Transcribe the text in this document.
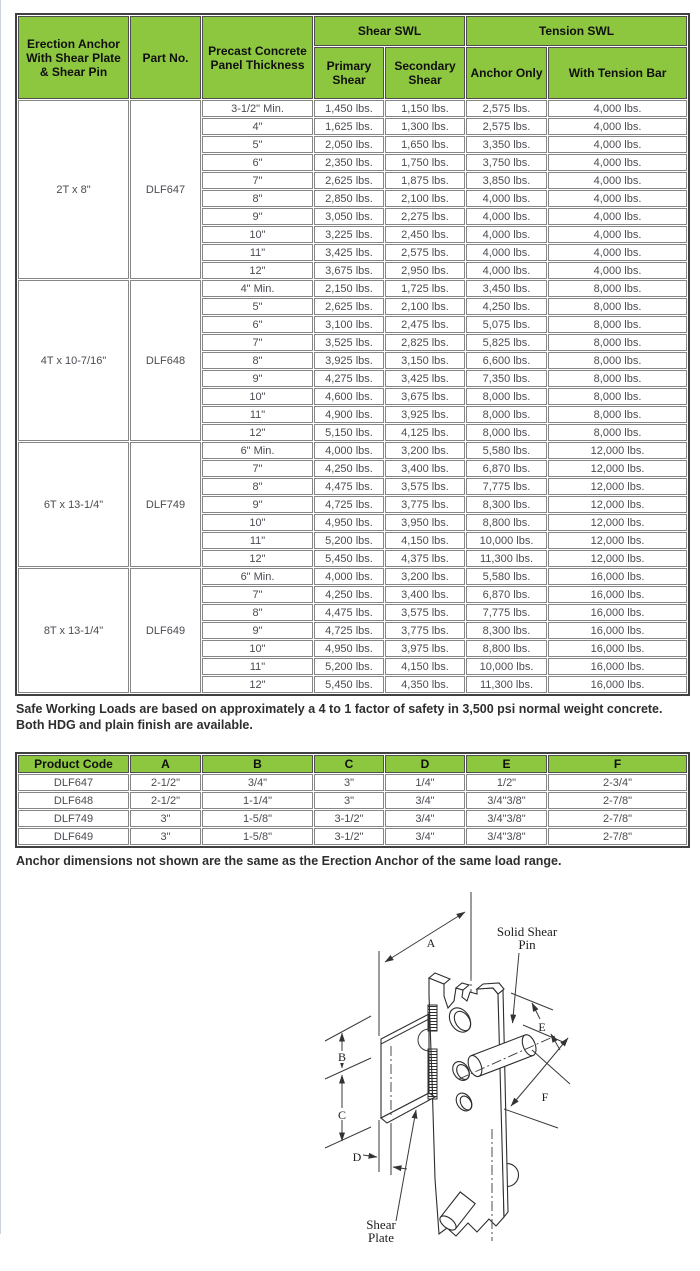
Erection Anchor With Shear Plate & Shear Pin	Part No.	Precast Concrete Panel Thickness	Shear SWL		Tension SWL	
			Primary Shear	Secondary Shear	Anchor Only	With Tension Bar
2T x 8"	DLF647	3-1/2" Min.	1,450 lbs.	1,150 lbs.	2,575 lbs.	4,000 lbs.
		4"	1,625 lbs.	1,300 lbs.	2,575 lbs.	4,000 lbs.
		5"	2,050 lbs.	1,650 lbs.	3,350 lbs.	4,000 lbs.
		6"	2,350 lbs.	1,750 lbs.	3,750 lbs.	4,000 lbs.
		7"	2,625 lbs.	1,875 lbs.	3,850 lbs.	4,000 lbs.
		8"	2,850 lbs.	2,100 lbs.	4,000 lbs.	4,000 lbs.
		9"	3,050 lbs.	2,275 lbs.	4,000 lbs.	4,000 lbs.
		10"	3,225 lbs.	2,450 lbs.	4,000 lbs.	4,000 lbs.
		11"	3,425 lbs.	2,575 lbs.	4,000 lbs.	4,000 lbs.
		12"	3,675 lbs.	2,950 lbs.	4,000 lbs.	4,000 lbs.
4T x 10-7/16"	DLF648	4" Min.	2,150 lbs.	1,725 lbs.	3,450 lbs.	8,000 lbs.
		5"	2,625 lbs.	2,100 lbs.	4,250 lbs.	8,000 lbs.
		6"	3,100 lbs.	2,475 lbs.	5,075 lbs.	8,000 lbs.
		7"	3,525 lbs.	2,825 lbs.	5,825 lbs.	8,000 lbs.
		8"	3,925 lbs.	3,150 lbs.	6,600 lbs.	8,000 lbs.
		9"	4,275 lbs.	3,425 lbs.	7,350 lbs.	8,000 lbs.
		10"	4,600 lbs.	3,675 lbs.	8,000 lbs.	8,000 lbs.
		11"	4,900 lbs.	3,925 lbs.	8,000 lbs.	8,000 lbs.
		12"	5,150 lbs.	4,125 lbs.	8,000 lbs.	8,000 lbs.
6T x 13-1/4"	DLF749	6" Min.	4,000 lbs.	3,200 lbs.	5,580 lbs.	12,000 lbs.
		7"	4,250 lbs.	3,400 lbs.	6,870 lbs.	12,000 lbs.
		8"	4,475 lbs.	3,575 lbs.	7,775 lbs.	12,000 lbs.
		9"	4,725 lbs.	3,775 lbs.	8,300 lbs.	12,000 lbs.
		10"	4,950 lbs.	3,950 lbs.	8,800 lbs.	12,000 lbs.
		11"	5,200 lbs.	4,150 lbs.	10,000 lbs.	12,000 lbs.
		12"	5,450 lbs.	4,375 lbs.	11,300 lbs.	12,000 lbs.
8T x 13-1/4"	DLF649	6" Min.	4,000 lbs.	3,200 lbs.	5,580 lbs.	16,000 lbs.
		7"	4,250 lbs.	3,400 lbs.	6,870 lbs.	16,000 lbs.
		8"	4,475 lbs.	3,575 lbs.	7,775 lbs.	16,000 lbs.
		9"	4,725 lbs.	3,775 lbs.	8,300 lbs.	16,000 lbs.
		10"	4,950 lbs.	3,975 lbs.	8,800 lbs.	16,000 lbs.
		11"	5,200 lbs.	4,150 lbs.	10,000 lbs.	16,000 lbs.
		12"	5,450 lbs.	4,350 lbs.	11,300 lbs.	16,000 lbs.
Safe Working Loads are based on approximately a 4 to 1 factor of safety in 3,500 psi normal weight concrete.
Both HDG and plain finish are available.
Product Code	A	B	C	D	E	F
DLF647	2-1/2"	3/4"	3"	1/4"	1/2"	2-3/4"
DLF648	2-1/2"	1-1/4"	3"	3/4"	3/4"3/8"	2-7/8"
DLF749	3"	1-5/8"	3-1/2"	3/4"	3/4"3/8"	2-7/8"
DLF649	3"	1-5/8"	3-1/2"	3/4"	3/4"3/8"	2-7/8"
Anchor dimensions not shown are the same as the Erection Anchor of the same load range.
A
B
C
D
E
F
Solid Shear
Pin
Shear
Plate
